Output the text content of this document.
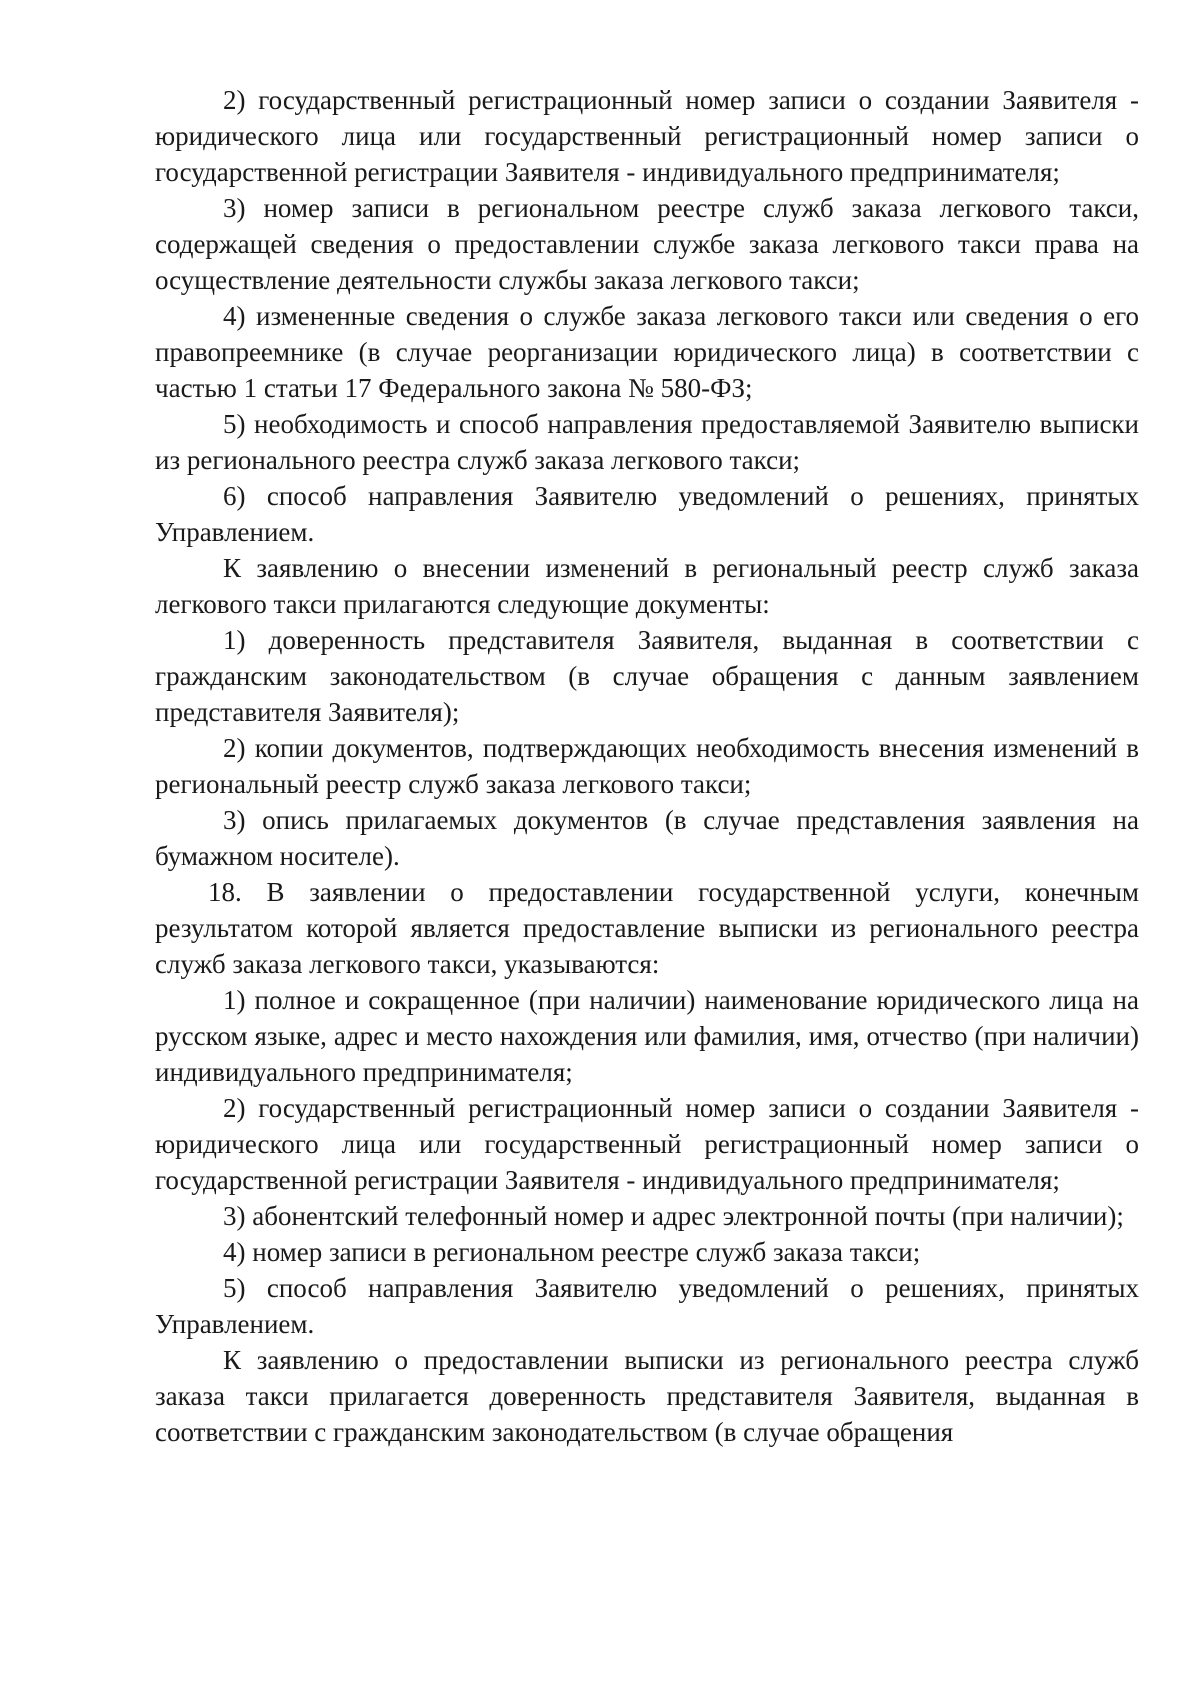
2) государственный регистрационный номер записи о создании Заявителя - юридического лица или государственный регистрационный номер записи о государственной регистрации Заявителя - индивидуального предпринимателя;

3) номер записи в региональном реестре служб заказа легкового такси, содержащей сведения о предоставлении службе заказа легкового такси права на осуществление деятельности службы заказа легкового такси;

4) измененные сведения о службе заказа легкового такси или сведения о его правопреемнике (в случае реорганизации юридического лица) в соответствии с частью 1 статьи 17 Федерального закона № 580-ФЗ;

5) необходимость и способ направления предоставляемой Заявителю выписки из регионального реестра служб заказа легкового такси;

6) способ направления Заявителю уведомлений о решениях, принятых Управлением.

К заявлению о внесении изменений в региональный реестр служб заказа легкового такси прилагаются следующие документы:

1) доверенность представителя Заявителя, выданная в соответствии с гражданским законодательством (в случае обращения с данным заявлением представителя Заявителя);

2) копии документов, подтверждающих необходимость внесения изменений в региональный реестр служб заказа легкового такси;

3) опись прилагаемых документов (в случае представления заявления на бумажном носителе).

18. В заявлении о предоставлении государственной услуги, конечным результатом которой является предоставление выписки из регионального реестра служб заказа легкового такси, указываются:

1) полное и сокращенное (при наличии) наименование юридического лица на русском языке, адрес и место нахождения или фамилия, имя, отчество (при наличии) индивидуального предпринимателя;

2) государственный регистрационный номер записи о создании Заявителя - юридического лица или государственный регистрационный номер записи о государственной регистрации Заявителя - индивидуального предпринимателя;

3) абонентский телефонный номер и адрес электронной почты (при наличии);

4) номер записи в региональном реестре служб заказа такси;

5) способ направления Заявителю уведомлений о решениях, принятых Управлением.

К заявлению о предоставлении выписки из регионального реестра служб заказа такси прилагается доверенность представителя Заявителя, выданная в соответствии с гражданским законодательством (в случае обращения
